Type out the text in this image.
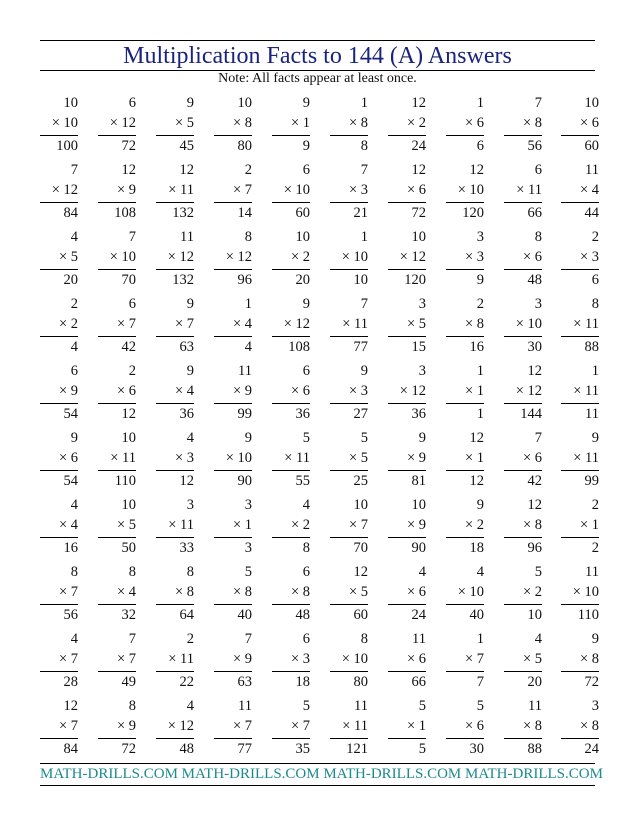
Multiplication Facts to 144 (A) Answers
Note: All facts appear at least once.
10
× 10
100
6
× 12
72
9
× 5
45
10
× 8
80
9
× 1
9
1
× 8
8
12
× 2
24
1
× 6
6
7
× 8
56
10
× 6
60
7
× 12
84
12
× 9
108
12
× 11
132
2
× 7
14
6
× 10
60
7
× 3
21
12
× 6
72
12
× 10
120
6
× 11
66
11
× 4
44
4
× 5
20
7
× 10
70
11
× 12
132
8
× 12
96
10
× 2
20
1
× 10
10
10
× 12
120
3
× 3
9
8
× 6
48
2
× 3
6
2
× 2
4
6
× 7
42
9
× 7
63
1
× 4
4
9
× 12
108
7
× 11
77
3
× 5
15
2
× 8
16
3
× 10
30
8
× 11
88
6
× 9
54
2
× 6
12
9
× 4
36
11
× 9
99
6
× 6
36
9
× 3
27
3
× 12
36
1
× 1
1
12
× 12
144
1
× 11
11
9
× 6
54
10
× 11
110
4
× 3
12
9
× 10
90
5
× 11
55
5
× 5
25
9
× 9
81
12
× 1
12
7
× 6
42
9
× 11
99
4
× 4
16
10
× 5
50
3
× 11
33
3
× 1
3
4
× 2
8
10
× 7
70
10
× 9
90
9
× 2
18
12
× 8
96
2
× 1
2
8
× 7
56
8
× 4
32
8
× 8
64
5
× 8
40
6
× 8
48
12
× 5
60
4
× 6
24
4
× 10
40
5
× 2
10
11
× 10
110
4
× 7
28
7
× 7
49
2
× 11
22
7
× 9
63
6
× 3
18
8
× 10
80
11
× 6
66
1
× 7
7
4
× 5
20
9
× 8
72
12
× 7
84
8
× 9
72
4
× 12
48
11
× 7
77
5
× 7
35
11
× 11
121
5
× 1
5
5
× 6
30
11
× 8
88
3
× 8
24
MATH-DRILLS.COM MATH-DRILLS.COM MATH-DRILLS.COM MATH-DRILLS.COM
